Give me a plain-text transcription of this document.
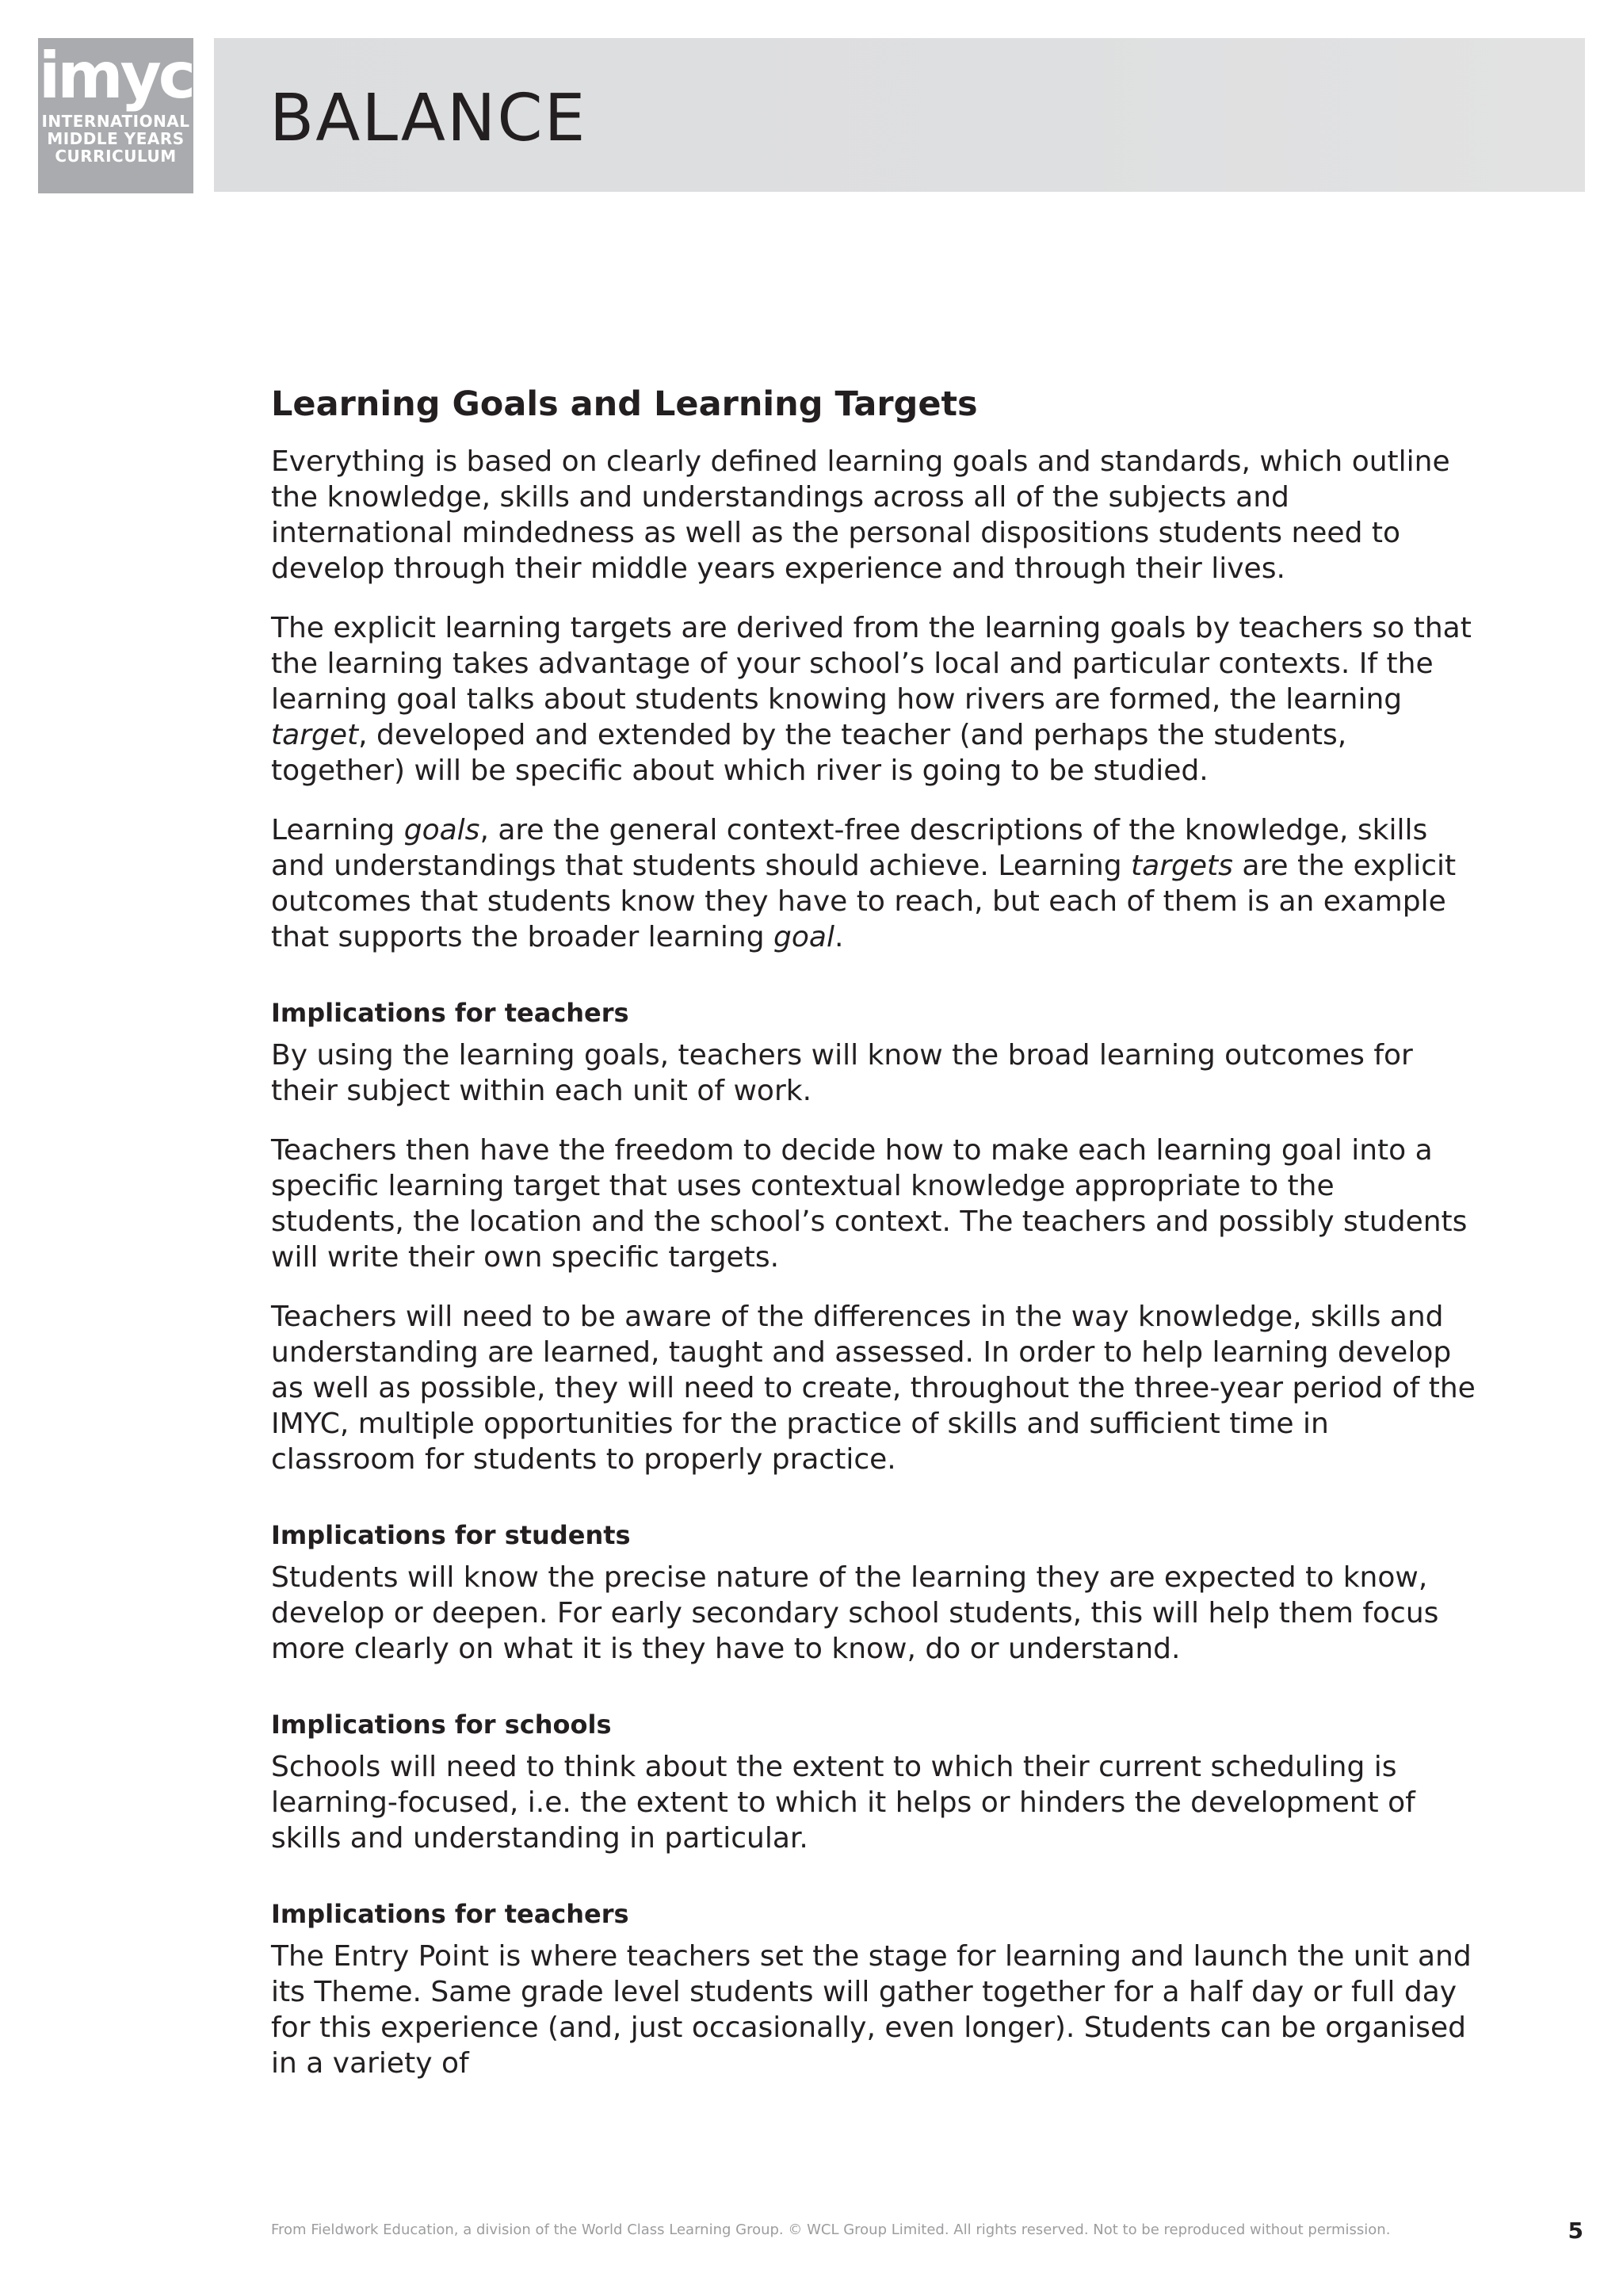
imyc
INTERNATIONAL
MIDDLE YEARS
CURRICULUM BALANCE
Learning Goals and Learning Targets

Everything is based on clearly defined learning goals and standards, which outline the knowledge, skills and understandings across all of the subjects and international mindedness as well as the personal dispositions students need to develop through their middle years experience and through their lives.

The explicit learning targets are derived from the learning goals by teachers so that the learning takes advantage of your school’s local and particular contexts. If the learning goal talks about students knowing how rivers are formed, the learning target, developed and extended by the teacher (and perhaps the students, together) will be specific about which river is going to be studied.

Learning goals, are the general context-free descriptions of the knowledge, skills and understandings that students should achieve. Learning targets are the explicit outcomes that students know they have to reach, but each of them is an example that supports the broader learning goal.

Implications for teachers

By using the learning goals, teachers will know the broad learning outcomes for their subject within each unit of work.

Teachers then have the freedom to decide how to make each learning goal into a specific learning target that uses contextual knowledge appropriate to the students, the location and the school’s context. The teachers and possibly students will write their own specific targets.

Teachers will need to be aware of the differences in the way knowledge, skills and understanding are learned, taught and assessed. In order to help learning develop as well as possible, they will need to create, throughout the three-year period of the IMYC, multiple opportunities for the practice of skills and sufficient time in classroom for students to properly practice.

Implications for students

Students will know the precise nature of the learning they are expected to know, develop or deepen. For early secondary school students, this will help them focus more clearly on what it is they have to know, do or understand.

Implications for schools

Schools will need to think about the extent to which their current scheduling is learning-focused, i.e. the extent to which it helps or hinders the development of skills and understanding in particular.

Implications for teachers

The Entry Point is where teachers set the stage for learning and launch the unit and its Theme. Same grade level students will gather together for a half day or full day for this experience (and, just occasionally, even longer). Students can be organised in a variety of

From Fieldwork Education, a division of the World Class Learning Group. © WCL Group Limited. All rights reserved. Not to be reproduced without permission.	5
